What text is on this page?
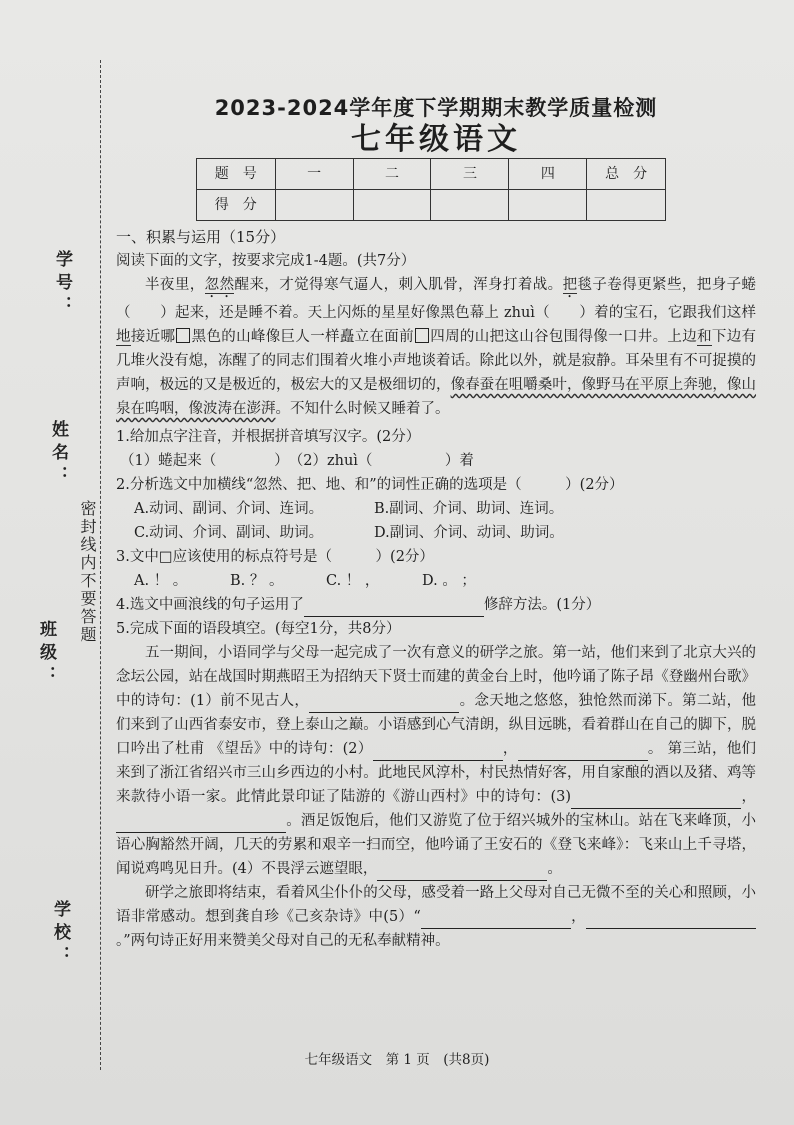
学号：
姓名：
班级：
学校：
密封线内不要答题
2023-2024学年度下学期期末教学质量检测
七年级语文
题　号	一	二	三	四	总　分
得　分					

一、积累与运用（15分）

阅读下面的文字，按要求完成1-4题。(共7分）

半夜里，忽然醒来，才觉得寒气逼人，刺入肌骨，浑身打着战。把毯子卷得更紧些，把身子蜷（　　）起来，还是睡不着。天上闪烁的星星好像黑色幕上 zhuì（　　）着的宝石，它跟我们这样地接近哪 黑色的山峰像巨人一样矗立在面前 四周的山把这山谷包围得像一口井。上边和下边有几堆火没有熄，冻醒了的同志们围着火堆小声地谈着话。除此以外，就是寂静。耳朵里有不可捉摸的声响，极远的又是极近的，极宏大的又是极细切的，像春蚕在咀嚼桑叶，像野马在平原上奔驰，像山泉在呜咽，像波涛在澎湃。不知什么时候又睡着了。

1.给加点字注音，并根据拼音填写汉字。(2分）

（1）蜷起来（　　　　）　 （2）zhuì（　　　　　）着

2.分析选文中加横线“忽然、把、地、和”的词性正确的选项是（　　　）(2分）

A.动词、副词、介词、连词。	B.副词、介词、助词、连词。

C.动词、介词、副词、助词。	D.副词、介词、动词、助词。

3.文中□应该使用的标点符号是（　　　）(2分）

A. ！ 。	B. ？ 。	C. ！ ，	D. 。 ；

4.选文中画浪线的句子运用了	修辞方法。(1分）

5.完成下面的语段填空。(每空1分，共8分）

五一期间，小语同学与父母一起完成了一次有意义的研学之旅。第一站，他们来到了北京大兴的念坛公园，站在战国时期燕昭王为招纳天下贤士而建的黄金台上时，他吟诵了陈子昂《登幽州台歌》中的诗句：(1）前不见古人，	。念天地之悠悠，独怆然而涕下。第二站，他们来到了山西省泰安市，登上泰山之巅。小语感到心气清朗，纵目远眺，看着群山在自己的脚下，脱口吟出了杜甫 《望岳》中的诗句：(2）	，	。 第三站，他们来到了浙江省绍兴市三山乡西边的小村。此地民风淳朴，村民热情好客，用自家酿的酒以及猪、鸡等来款待小语一家。此情此景印证了陆游的《游山西村》中的诗句：(3)	，。酒足饭饱后，他们又游览了位于绍兴城外的宝林山。站在飞来峰顶，小语心胸豁然开阔，几天的劳累和艰辛一扫而空，他吟诵了王安石的《登飞来峰》：飞来山上千寻塔，闻说鸡鸣见日升。(4）不畏浮云遮望眼，	。

研学之旅即将结束，看着风尘仆仆的父母，感受着一路上父母对自己无微不至的关心和照顾，小语非常感动。想到龚自珍《己亥杂诗》中(5）“	，。”两句诗正好用来赞美父母对自己的无私奉献精神。

七年级语文　第 1 页　(共8页)
